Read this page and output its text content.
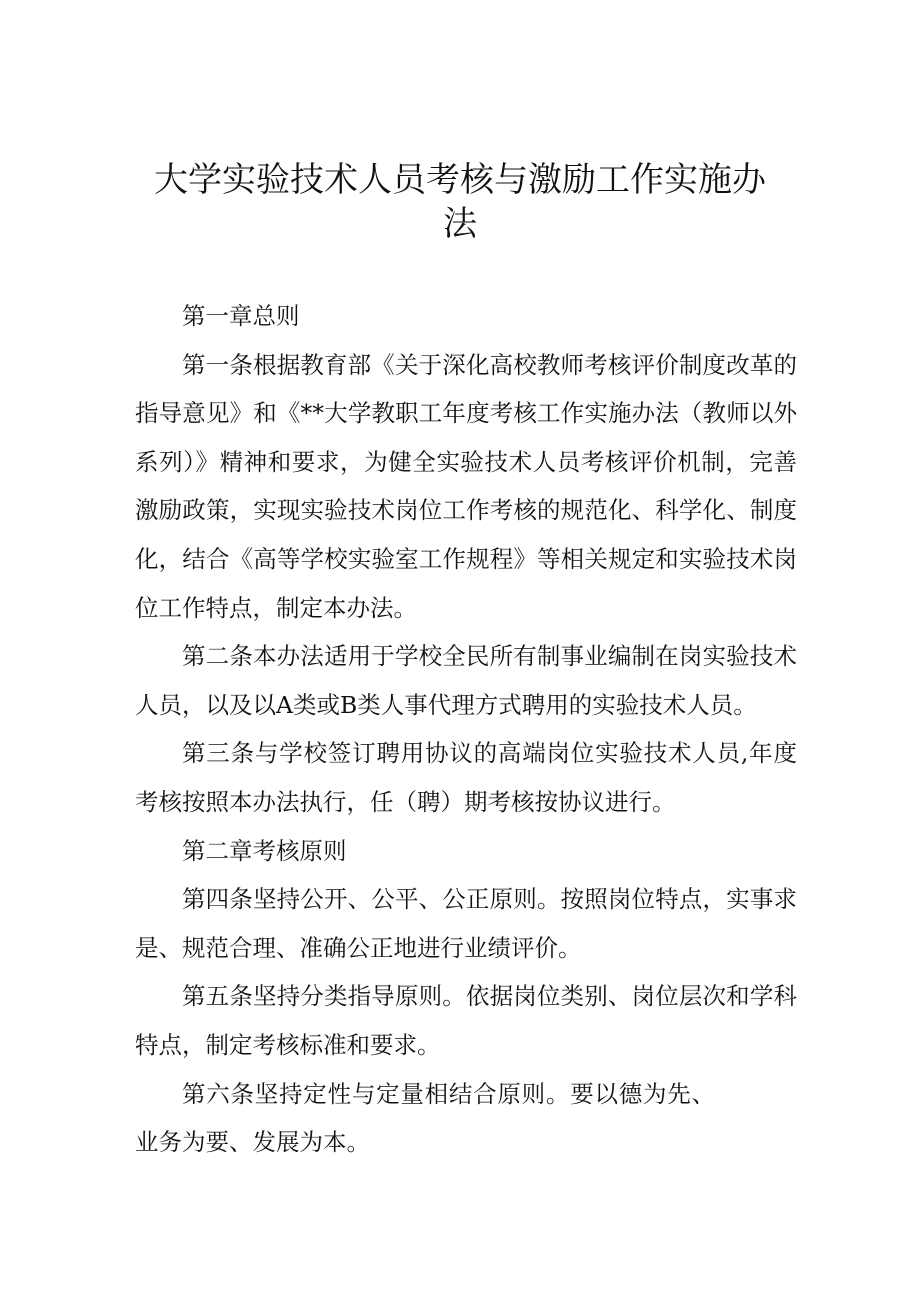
大学实验技术人员考核与激励工作实施办
法

第一章总则

第一条根据教育部《关于深化高校教师考核评价制度改革的指导意见》和《**大学教职工年度考核工作实施办法（教师以外系列）》精神和要求，为健全实验技术人员考核评价机制，完善激励政策，实现实验技术岗位工作考核的规范化、科学化、制度化，结合《高等学校实验室工作规程》等相关规定和实验技术岗位工作特点，制定本办法。

第二条本办法适用于学校全民所有制事业编制在岗实验技术人员，以及以A类或B类人事代理方式聘用的实验技术人员。

第三条与学校签订聘用协议的高端岗位实验技术人员,年度考核按照本办法执行，任（聘）期考核按协议进行。

第二章考核原则

第四条坚持公开、公平、公正原则。按照岗位特点，实事求是、规范合理、准确公正地进行业绩评价。

第五条坚持分类指导原则。依据岗位类别、岗位层次和学科特点，制定考核标准和要求。

第六条坚持定性与定量相结合原则。要以德为先、业务为要、发展为本。
